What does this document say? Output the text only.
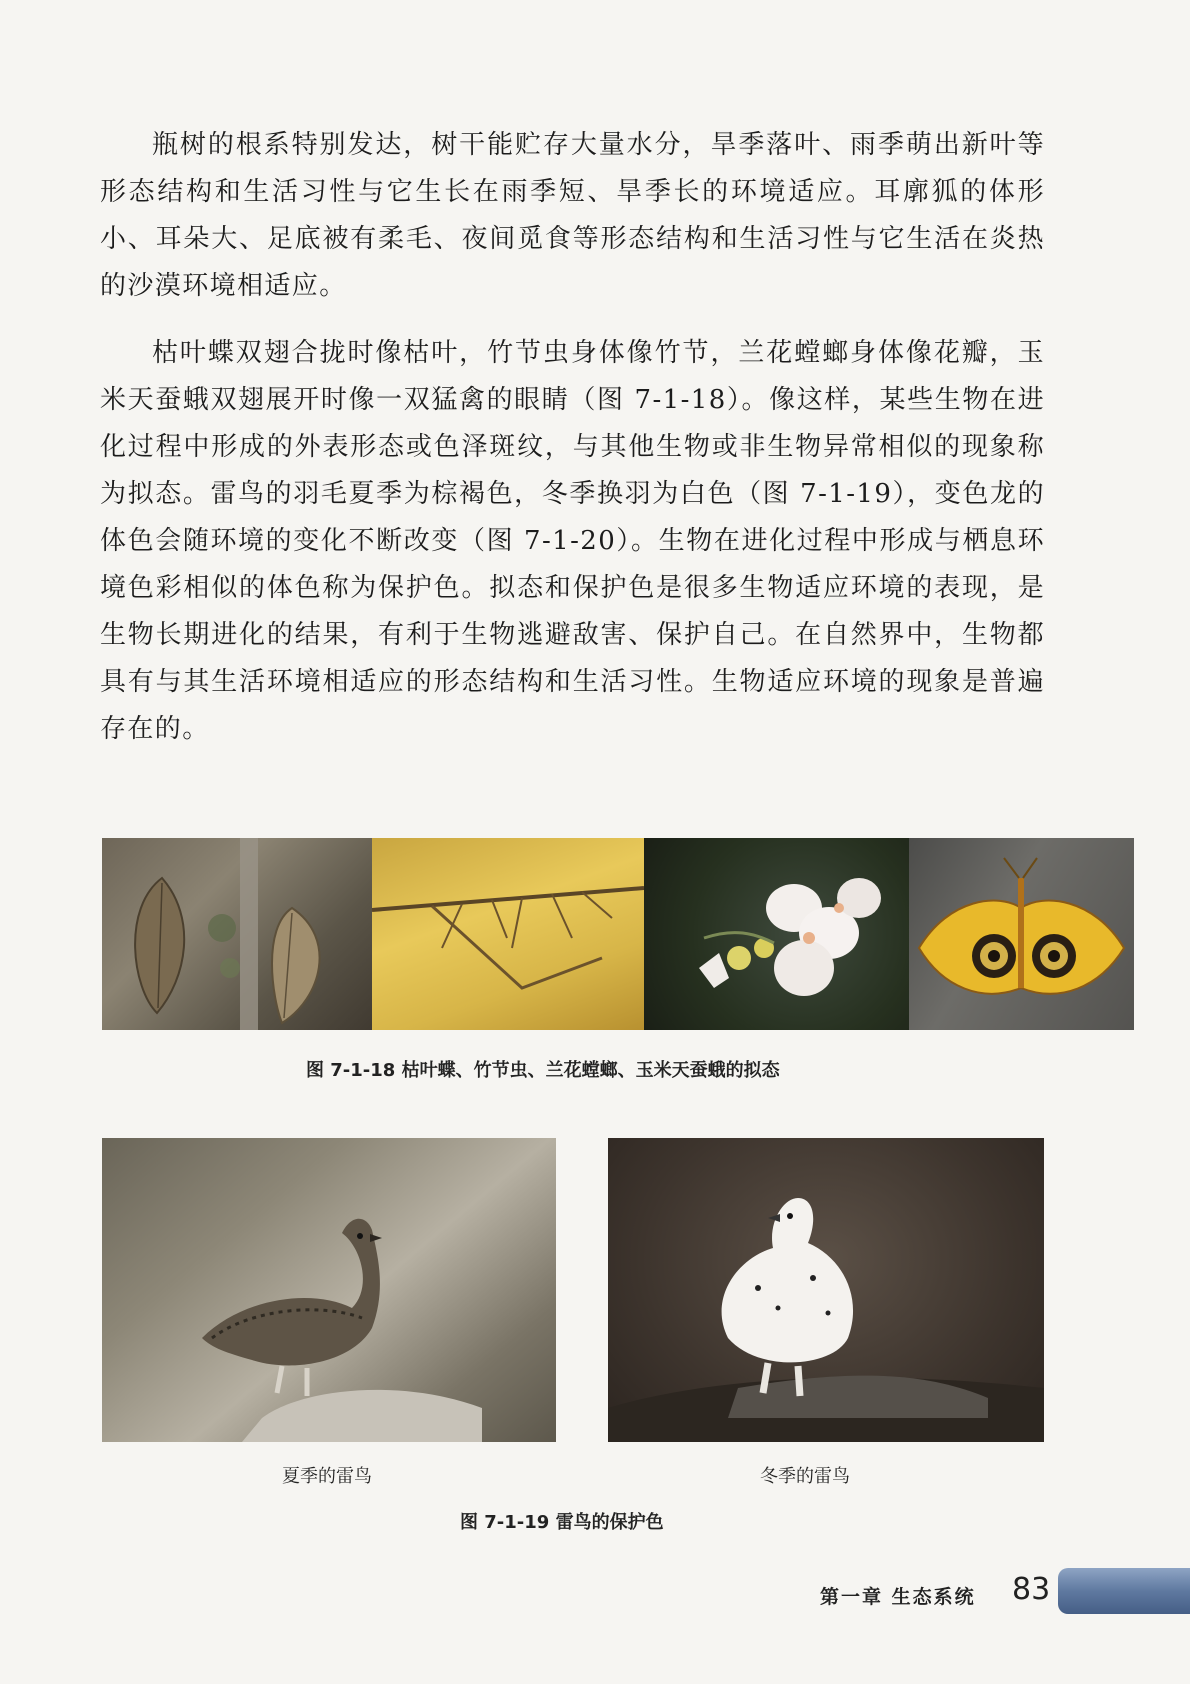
瓶树的根系特别发达，树干能贮存大量水分，旱季落叶、雨季萌出新叶等形态结构和生活习性与它生长在雨季短、旱季长的环境适应。耳廓狐的体形小、耳朵大、足底被有柔毛、夜间觅食等形态结构和生活习性与它生活在炎热的沙漠环境相适应。

枯叶蝶双翅合拢时像枯叶，竹节虫身体像竹节，兰花螳螂身体像花瓣，玉米天蚕蛾双翅展开时像一双猛禽的眼睛（图 7-1-18）。像这样，某些生物在进化过程中形成的外表形态或色泽斑纹，与其他生物或非生物异常相似的现象称为拟态。雷鸟的羽毛夏季为棕褐色，冬季换羽为白色（图 7-1-19），变色龙的体色会随环境的变化不断改变（图 7-1-20）。生物在进化过程中形成与栖息环境色彩相似的体色称为保护色。拟态和保护色是很多生物适应环境的表现，是生物长期进化的结果，有利于生物逃避敌害、保护自己。在自然界中，生物都具有与其生活环境相适应的形态结构和生活习性。生物适应环境的现象是普遍存在的。

图 7-1-18 枯叶蝶、竹节虫、兰花螳螂、玉米天蚕蛾的拟态
夏季的雷鸟	冬季的雷鸟
图 7-1-19 雷鸟的保护色
第一章 生态系统 83
